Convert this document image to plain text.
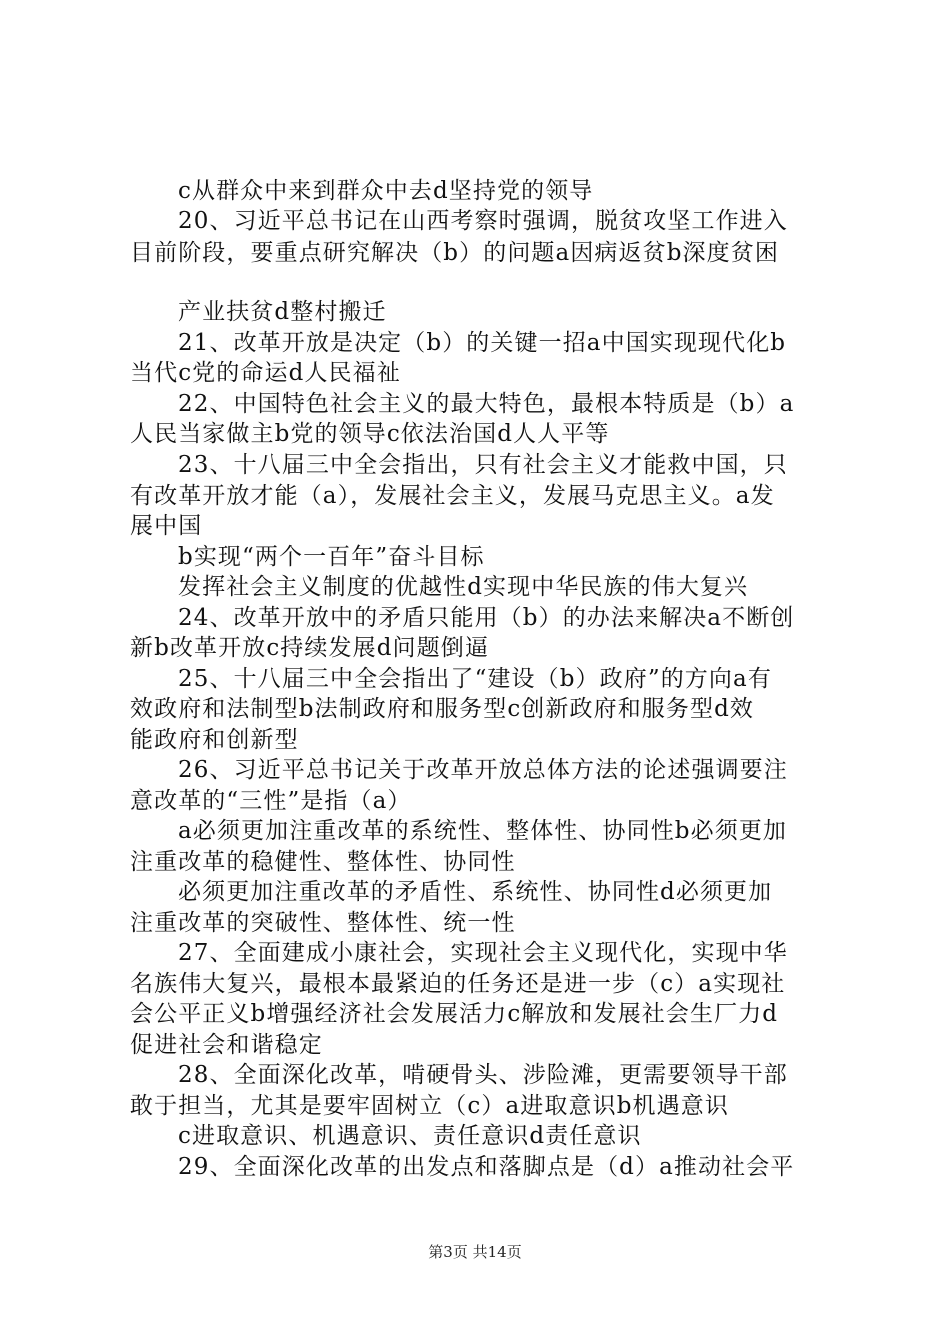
c从群众中来到群众中去d坚持党的领导
20、习近平总书记在山西考察时强调，脱贫攻坚工作进入
目前阶段，要重点研究解决（b）的问题a因病返贫b深度贫困
产业扶贫d整村搬迁
21、改革开放是决定（b）的关键一招a中国实现现代化b
当代c党的命运d人民福祉
22、中国特色社会主义的最大特色，最根本特质是（b）a
人民当家做主b党的领导c依法治国d人人平等
23、十八届三中全会指出，只有社会主义才能救中国，只
有改革开放才能（a），发展社会主义，发展马克思主义。a发
展中国
b实现“两个一百年”奋斗目标
发挥社会主义制度的优越性d实现中华民族的伟大复兴
24、改革开放中的矛盾只能用（b）的办法来解决a不断创
新b改革开放c持续发展d问题倒逼
25、十八届三中全会指出了“建设（b）政府”的方向a有
效政府和法制型b法制政府和服务型c创新政府和服务型d效
能政府和创新型
26、习近平总书记关于改革开放总体方法的论述强调要注
意改革的“三性”是指（a）
a必须更加注重改革的系统性、整体性、协同性b必须更加
注重改革的稳健性、整体性、协同性
必须更加注重改革的矛盾性、系统性、协同性d必须更加
注重改革的突破性、整体性、统一性
27、全面建成小康社会，实现社会主义现代化，实现中华
名族伟大复兴，最根本最紧迫的任务还是进一步（c）a实现社
会公平正义b增强经济社会发展活力c解放和发展社会生厂力d
促进社会和谐稳定
28、全面深化改革，啃硬骨头、涉险滩，更需要领导干部
敢于担当，尤其是要牢固树立（c）a进取意识b机遇意识
c进取意识、机遇意识、责任意识d责任意识
29、全面深化改革的出发点和落脚点是（d）a推动社会平
第3页 共14页
